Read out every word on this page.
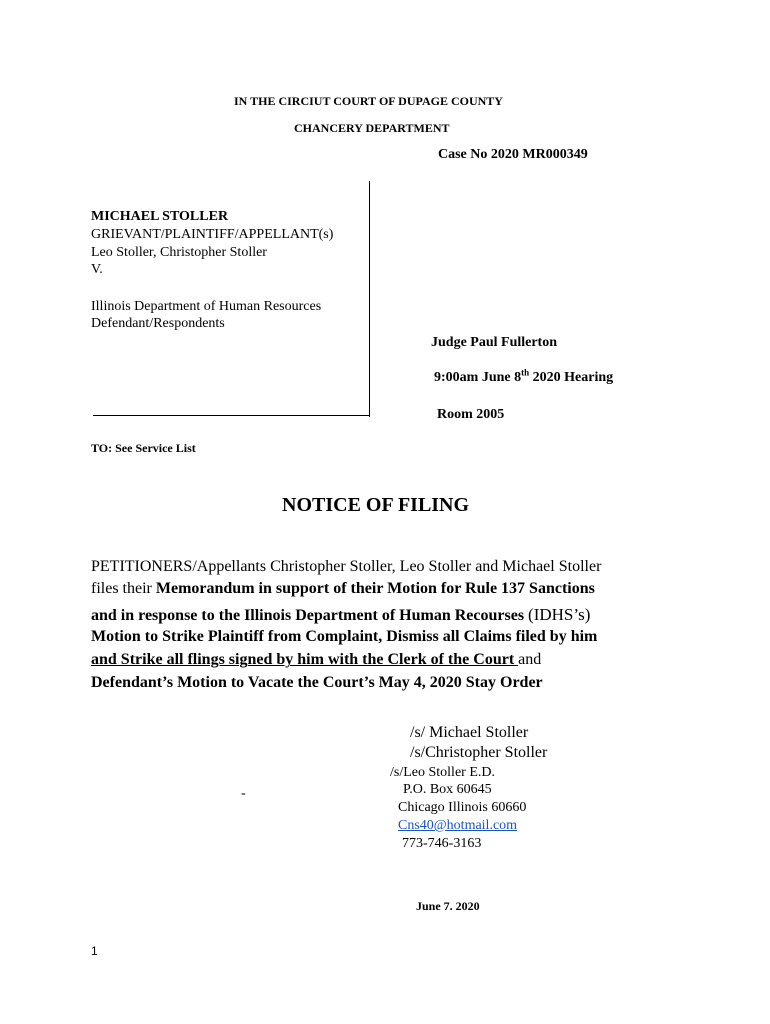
IN THE CIRCIUT COURT OF DUPAGE COUNTY
CHANCERY DEPARTMENT
Case No 2020 MR000349
MICHAEL STOLLER
GRIEVANT/PLAINTIFF/APPELLANT(s)
Leo Stoller, Christopher Stoller
V.
Illinois Department of Human Resources
Defendant/Respondents
Judge Paul Fullerton
9:00am June 8th 2020 Hearing
Room 2005
TO: See Service List
NOTICE OF FILING
PETITIONERS/Appellants Christopher Stoller, Leo Stoller and Michael Stoller
files their Memorandum in support of their Motion for Rule 137 Sanctions
and in response to the Illinois Department of Human Recourses (IDHS’s)
Motion to Strike Plaintiff from Complaint, Dismiss all Claims filed by him
and Strike all flings signed by him with the Clerk of the Court and
Defendant’s Motion to Vacate the Court’s May 4, 2020 Stay Order
/s/ Michael Stoller
/s/Christopher Stoller
/s/Leo Stoller E.D.
P.O. Box 60645
Chicago Illinois 60660
Cns40@hotmail.com
773-746-3163
-
June 7. 2020
1
